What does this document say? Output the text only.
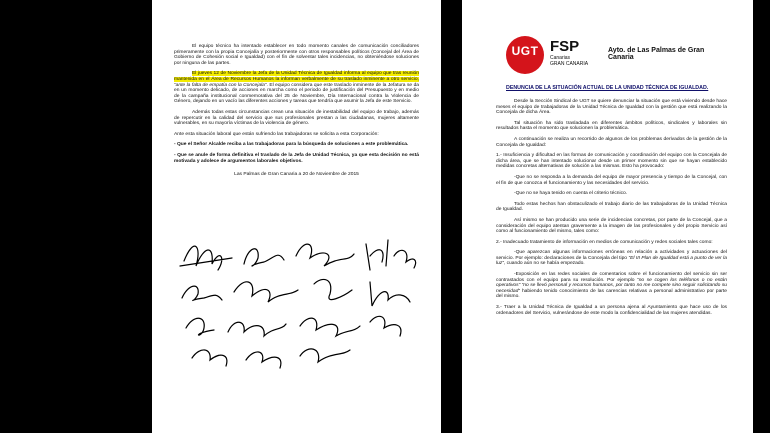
El equipo técnico ha intentado establecer en todo momento canales de comunicación conciliadores primeramente con la propia Concejalía y posteriormente con otros responsables políticos (Concejal del Área de Gobierno de Cohesión social e Igualdad) con el fin de solventar tales incidencias, no obteniéndose soluciones por ninguna de las partes.

El jueves 12 de Noviembre la Jefa de la Unidad Técnica de Igualdad informa al equipo que tras reunión mantenida en el Área de Recursos Humanos la informan verbalmente de su traslado inminente a otro servicio, “ante la falta de empatía con la Concejala”. El equipo considera que este traslado inminente de la Jefatura se da en un momento delicado, de acciones en marcha como el periodo de justificación del Presupuesto y en medio de la campaña institucional conmemorativa del 25 de Noviembre, Día Internacional contra la Violencia de Género, dejando en un vacío las diferentes acciones y tareas que tendría que asumir la Jefa de este Servicio.

Además todas estas circunstancias crean una situación de inestabilidad del equipo de trabajo, además de repercutir en la calidad del servicio que sus profesionales prestan a las ciudadanas, mujeres altamente vulnerables, en su mayoría víctimas de la violencia de género.

Ante esta situación laboral que están sufriendo las trabajadoras se solicita a esta Corporación:

- Que el Señor Alcalde reciba a las trabajadoras para la búsqueda de soluciones a este problemática.

- Que se anule de forma definitiva el traslado de la Jefa de Unidad Técnica, ya que esta decisión no está motivada y adolece de argumentos laborales objetivos.

Las Palmas de Gran Canaria a 20 de Noviembre de 2015

UGT FSP
Canarias
GRAN CANARIA
Ayto. de Las Palmas de Gran Canaria

DENUNCIA DE LA SITUACIÓN ACTUAL DE LA UNIDAD TÉCNICA DE IGUALDAD.

Desde la Sección Sindical de UGT se quiere denunciar la situación que está viviendo desde hace meses el equipo de trabajadoras de la Unidad Técnica de Igualdad con la gestión que está realizando la Concejala de dicha Área.

Tal situación ha sido trasladada en diferentes ámbitos políticos, sindicales y laborales sin resultados hasta el momento que solucionen la problemática.

A continuación se realiza un recorrido de algunos de los problemas derivados de la gestión de la Concejala de Igualdad:

1.- Insuficiencia y dificultad en las formas de comunicación y coordinación del equipo con la Concejala de dicha área, que se han intentado solucionar desde un primer momento sin que se hayan establecido medidas concretas alternativas de solución a las mismas. Esto ha provocado:

-Que no se responda a la demanda del equipo de mayor presencia y tiempo de la Concejal, con el fin de que conozca el funcionamiento y las necesidades del servicio.

-Que no se haya tenido en cuenta el criterio técnico.

Todo estas hechos han obstaculizado el trabajo diario de las trabajadoras de la Unidad Técnica de Igualdad.

Así mismo se han producido una serie de incidencias concretas, por parte de la Concejal, que a consideración del equipo atentan gravemente a la imagen de las profesionales y del propio Servicio así como al funcionamiento del mismo, tales como:

2.- Inadecuado tratamiento de información en medios de comunicación y redes sociales tales como:

-Que aparezcan algunas informaciones erróneas en relación a actividades y actuaciones del servicio. Por ejemplo: declaraciones de la Concejala del tipo “El III Plan de Igualdad está a punto de ver la luz”, cuando aún no se había empezado.

-Exposición en las redes sociales de comentarios sobre el funcionamiento del servicio sin ser contrastados con el equipo para su resolución. Por ejemplo “no se cogen los teléfonos o no están operativos” “no se llevó personal y recursos humanos, por tanto no me compete sino seguir solicitando su necesidad” habiendo tenido conocimiento de las carencias relativas a personal administrativo por parte del mismo.

3.- Traer a la Unidad Técnica de Igualdad a un persona ajena al Ayuntamiento que hace uso de los ordenadores del Servicio, vulnerándose de este modo la confidencialidad de las mujeres atendidas.
